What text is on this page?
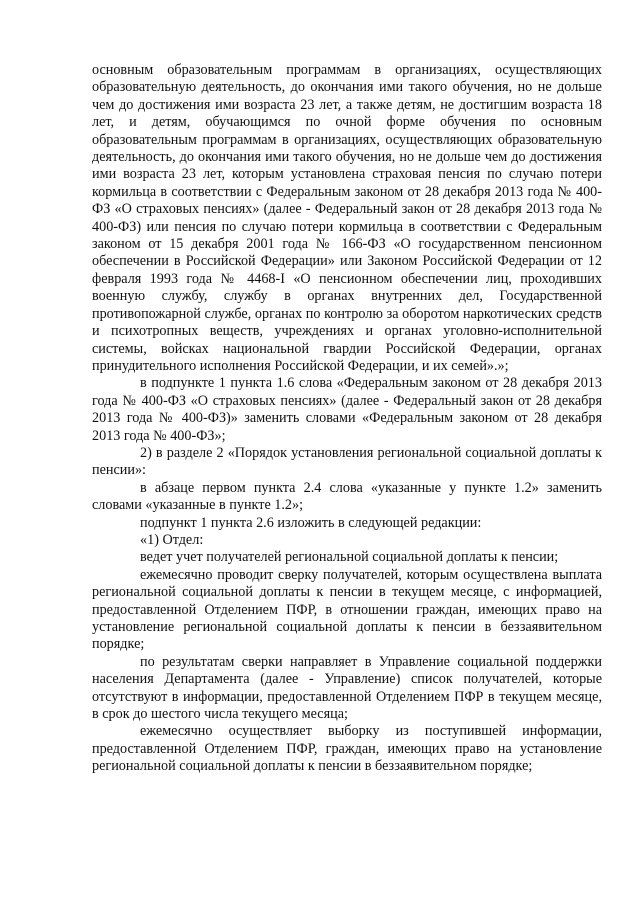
основным образовательным программам в организациях, осуществляющих образовательную деятельность, до окончания ими такого обучения, но не дольше чем до достижения ими возраста 23 лет, а также детям, не достигшим возраста 18 лет, и детям, обучающимся по очной форме обучения по основным образовательным программам в организациях, осуществляющих образовательную деятельность, до окончания ими такого обучения, но не дольше чем до достижения ими возраста 23 лет, которым установлена страховая пенсия по случаю потери кормильца в соответствии с Федеральным законом от 28 декабря 2013 года № 400-ФЗ «О страховых пенсиях» (далее - Федеральный закон от 28 декабря 2013 года № 400-ФЗ) или пенсия по случаю потери кормильца в соответствии с Федеральным законом от 15 декабря 2001 года № 166-ФЗ «О государственном пенсионном обеспечении в Российской Федерации» или Законом Российской Федерации от 12 февраля 1993 года № 4468-I «О пенсионном обеспечении лиц, проходивших военную службу, службу в органах внутренних дел, Государственной противопожарной службе, органах по контролю за оборотом наркотических средств и психотропных веществ, учреждениях и органах уголовно-исполнительной системы, войсках национальной гвардии Российской Федерации, органах принудительного исполнения Российской Федерации, и их семей».»;

в подпункте 1 пункта 1.6 слова «Федеральным законом от 28 декабря 2013 года № 400-ФЗ «О страховых пенсиях» (далее - Федеральный закон от 28 декабря 2013 года № 400-ФЗ)» заменить словами «Федеральным законом от 28 декабря 2013 года № 400-ФЗ»;

2) в разделе 2 «Порядок установления региональной социальной доплаты к пенсии»:

в абзаце первом пункта 2.4 слова «указанные у пункте 1.2» заменить словами «указанные в пункте 1.2»;

подпункт 1 пункта 2.6 изложить в следующей редакции:

«1) Отдел:

ведет учет получателей региональной социальной доплаты к пенсии;

ежемесячно проводит сверку получателей, которым осуществлена выплата региональной социальной доплаты к пенсии в текущем месяце, с информацией, предоставленной Отделением ПФР, в отношении граждан, имеющих право на установление региональной социальной доплаты к пенсии в беззаявительном порядке;

по результатам сверки направляет в Управление социальной поддержки населения Департамента (далее - Управление) список получателей, которые отсутствуют в информации, предоставленной Отделением ПФР в текущем месяце, в срок до шестого числа текущего месяца;

ежемесячно осуществляет выборку из поступившей информации, предоставленной Отделением ПФР, граждан, имеющих право на установление региональной социальной доплаты к пенсии в беззаявительном порядке;
